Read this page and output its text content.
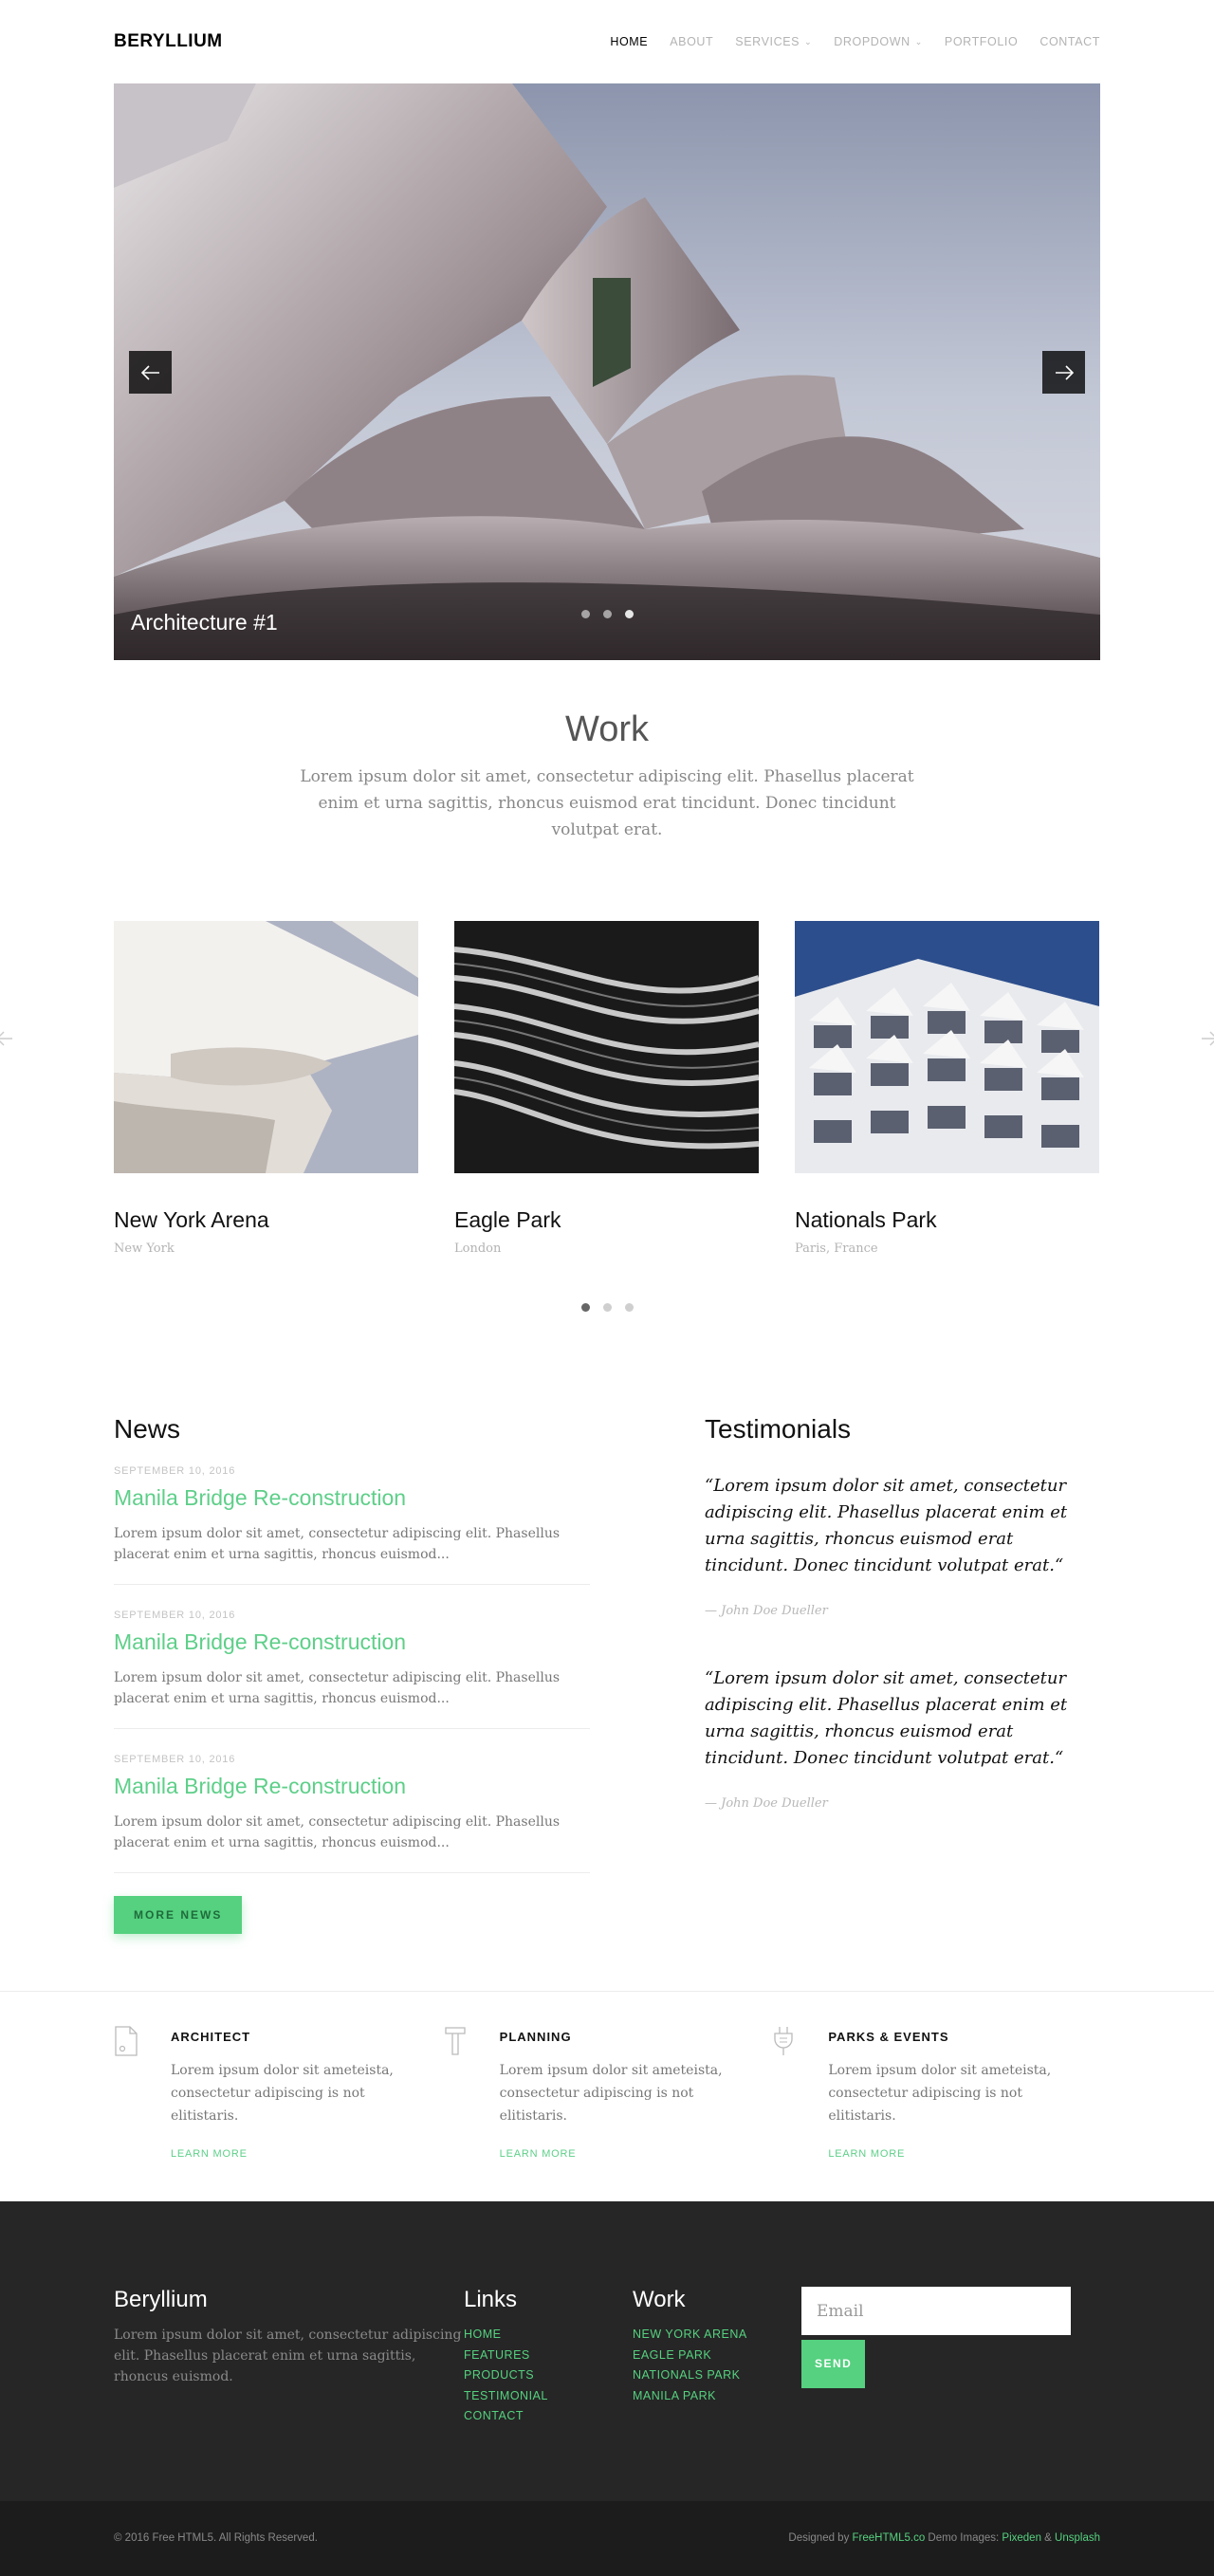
BERYLLIUM	HOME ABOUT SERVICES ⌄ DROPDOWN ⌄ PORTFOLIO CONTACT
Architecture #1
Work

Lorem ipsum dolor sit amet, consectetur adipiscing elit. Phasellus placerat enim et urna sagittis, rhoncus euismod erat tincidunt. Donec tincidunt volutpat erat.

New York Arena
New York
Eagle Park
London
Nationals Park
Paris, France
News
SEPTEMBER 10, 2016
Manila Bridge Re-construction

Lorem ipsum dolor sit amet, consectetur adipiscing elit. Phasellus placerat enim et urna sagittis, rhoncus euismod...

SEPTEMBER 10, 2016
Manila Bridge Re-construction

Lorem ipsum dolor sit amet, consectetur adipiscing elit. Phasellus placerat enim et urna sagittis, rhoncus euismod...

SEPTEMBER 10, 2016
Manila Bridge Re-construction

Lorem ipsum dolor sit amet, consectetur adipiscing elit. Phasellus placerat enim et urna sagittis, rhoncus euismod...

MORE NEWS
Testimonials

“Lorem ipsum dolor sit amet, consectetur adipiscing elit. Phasellus placerat enim et urna sagittis, rhoncus euismod erat tincidunt. Donec tincidunt volutpat erat.“

— John Doe Dueller

“Lorem ipsum dolor sit amet, consectetur adipiscing elit. Phasellus placerat enim et urna sagittis, rhoncus euismod erat tincidunt. Donec tincidunt volutpat erat.“

— John Doe Dueller
ARCHITECT

Lorem ipsum dolor sit ameteista, consectetur adipiscing is not elitistaris.

LEARN MORE
PLANNING

Lorem ipsum dolor sit ameteista, consectetur adipiscing is not elitistaris.

LEARN MORE
PARKS & EVENTS

Lorem ipsum dolor sit ameteista, consectetur adipiscing is not elitistaris.

LEARN MORE
Beryllium

Lorem ipsum dolor sit amet, consectetur adipiscing elit. Phasellus placerat enim et urna sagittis, rhoncus euismod.

Links
HOME
FEATURES
PRODUCTS
TESTIMONIAL
CONTACT
Work
NEW YORK ARENA
EAGLE PARK
NATIONALS PARK
MANILA PARK
Email
SEND
© 2016 Free HTML5. All Rights Reserved.	Designed by FreeHTML5.co Demo Images: Pixeden & Unsplash
